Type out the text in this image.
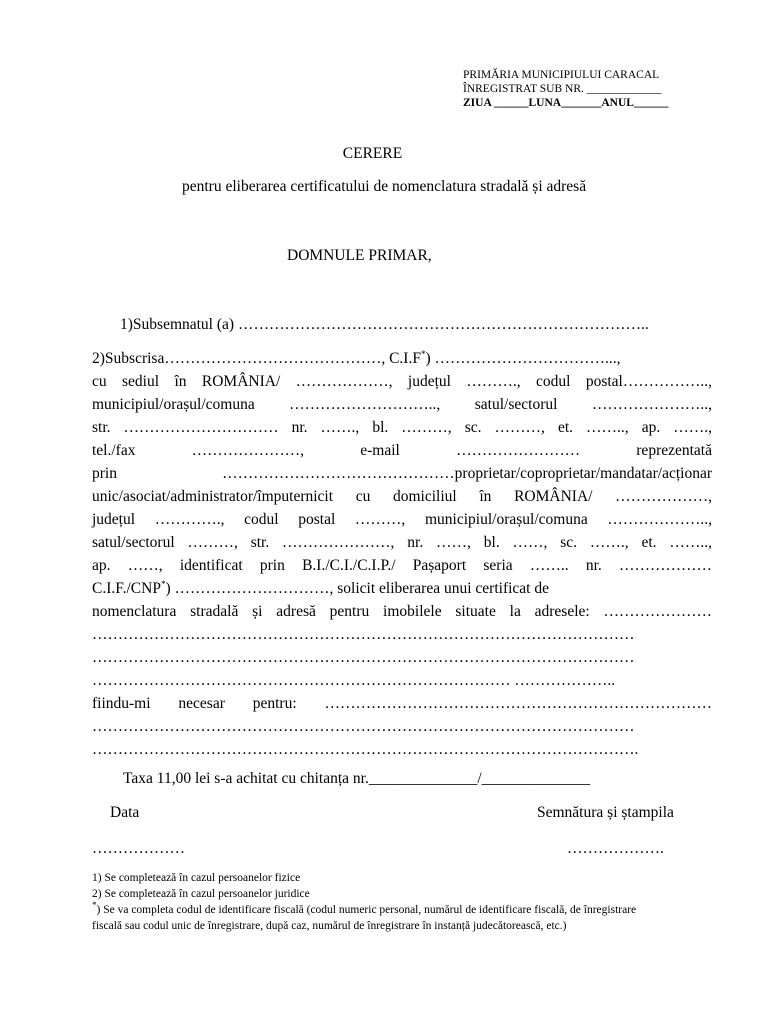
PRIMĂRIA MUNICIPIULUI CARACAL
ÎNREGISTRAT SUB NR. _____________
ZIUA ______LUNA_______ANUL______
CERERE
pentru eliberarea certificatului de nomenclatura stradală și adresă
DOMNULE PRIMAR,
1)Subsemnatul (a) ……………………………………………………………………..
2)Subscrisa……………………………………, C.I.F*) ……………………………...,
cu sediul în ROMÂNIA/ ………………, județul ………., codul postal……………..,
municipiul/orașul/comuna ……………………….., satul/sectorul …………………..,
str. ………………………… nr. ……., bl. ………, sc. ………, et. …….., ap. …….,
tel./fax …………………, e-mail …………………… reprezentată
prin ………………………………………proprietar/coproprietar/mandatar/acționar
unic/asociat/administrator/împuternicit cu domiciliul în ROMÂNIA/ ………………,
județul …………., codul postal ………, municipiul/orașul/comuna ………………..,
satul/sectorul ………, str. …………………, nr. ……, bl. ……, sc. ……., et. ……..,
ap. ……, identificat prin B.I./C.I./C.I.P./ Pașaport seria …….. nr. ………………
C.I.F./CNP*) …………………………, solicit eliberarea unui certificat de
nomenclatura stradală și adresă pentru imobilele situate la adresele: …………………
……………………………………………………………………………………………
……………………………………………………………………………………………
……………………………………………………………………… ………………..
fiindu-mi necesar pentru: …………………………………………………………………
……………………………………………………………………………………………
…………………………………………………………………………………………….
Taxa 11,00 lei s-a achitat cu chitanța nr.______________/______________
Data	Semnătura și ștampila
………………	……………….
1) Se completează în cazul persoanelor fizice
2) Se completează în cazul persoanelor juridice
*) Se va completa codul de identificare fiscală (codul numeric personal, numărul de identificare fiscală, de înregistrare
fiscală sau codul unic de înregistrare, după caz, numărul de înregistrare în instanță judecătorească, etc.)
